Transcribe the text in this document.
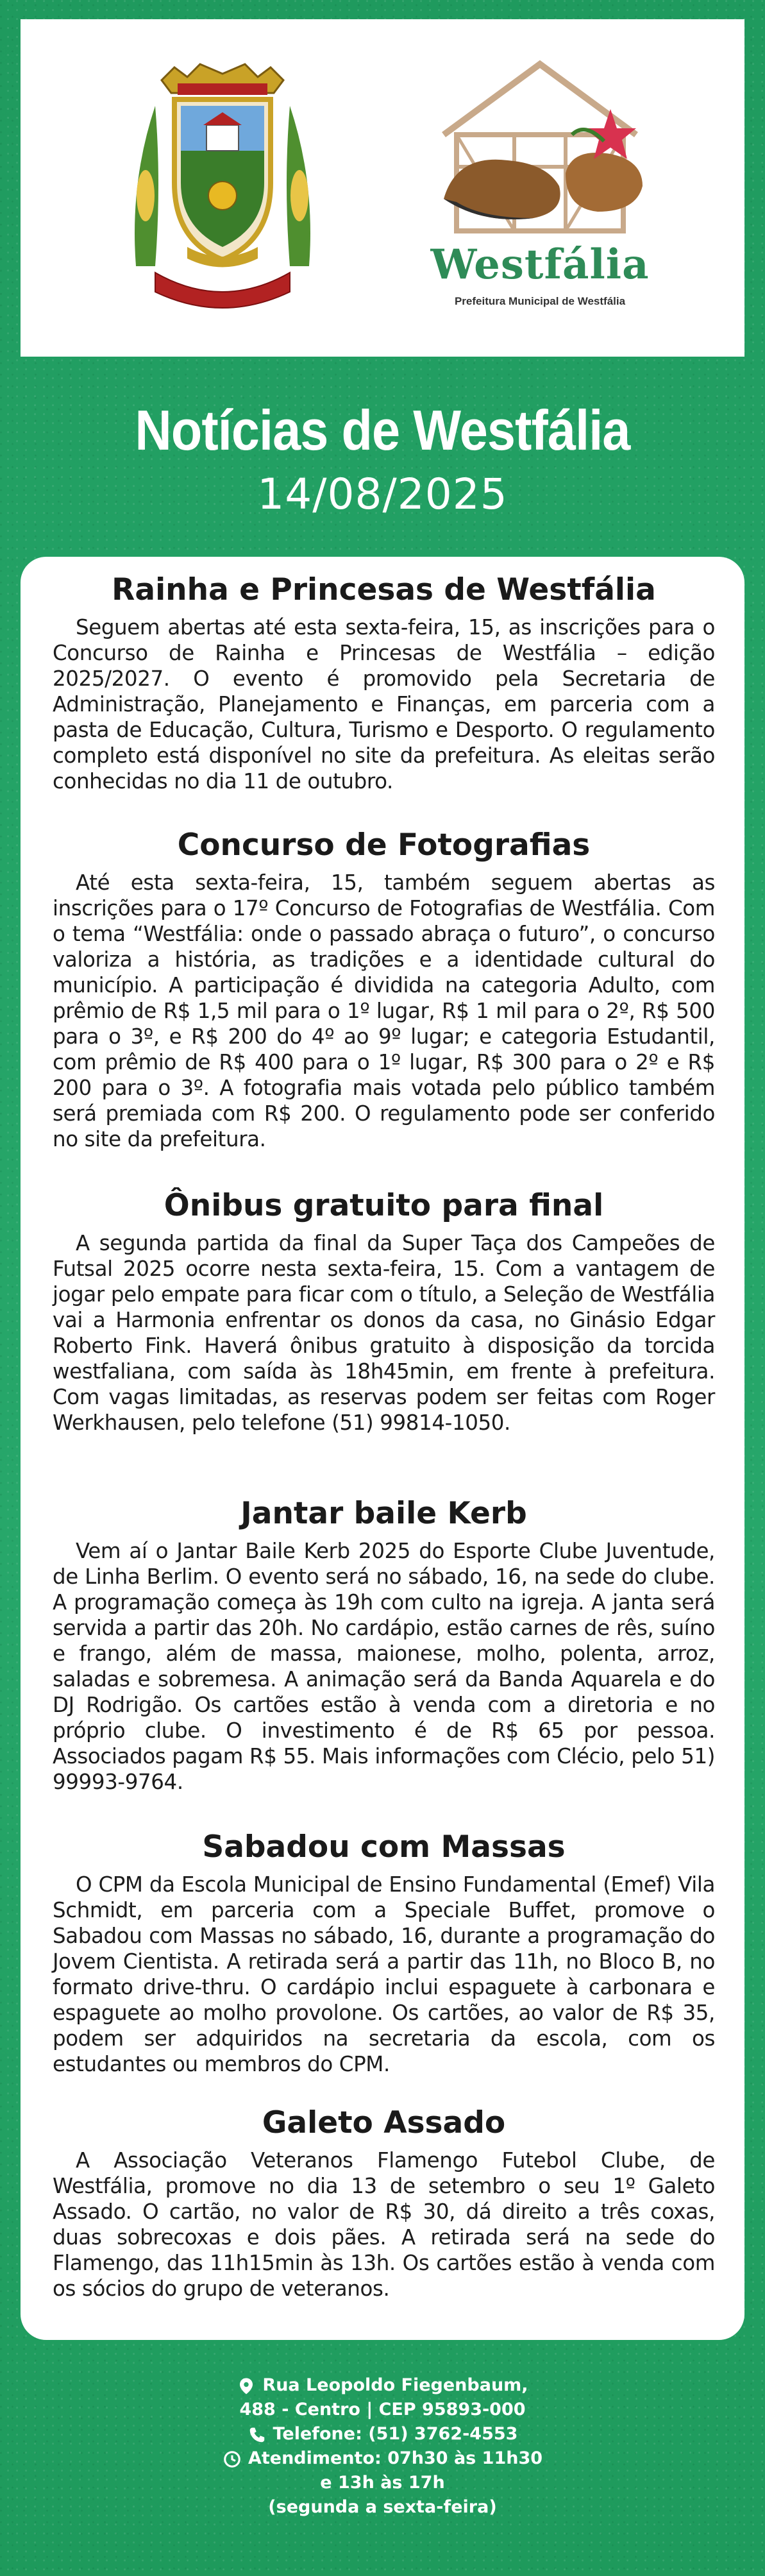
Westfália
Prefeitura Municipal de Westfália
Notícias de Westfália
14/08/2025
Rainha e Princesas de Westfália

Seguem abertas até esta sexta-feira, 15, as inscrições para o Concurso de Rainha e Princesas de Westfália – edição 2025/2027. O evento é promovido pela Secretaria de Administração, Planejamento e Finanças, em parceria com a pasta de Educação, Cultura, Turismo e Desporto. O regulamento completo está disponível no site da prefeitura. As eleitas serão conhecidas no dia 11 de outubro.

Concurso de Fotografias

Até esta sexta-feira, 15, também seguem abertas as inscrições para o 17º Concurso de Fotografias de Westfália. Com o tema “Westfália: onde o passado abraça o futuro”, o concurso valoriza a história, as tradições e a identidade cultural do município. A participação é dividida na categoria Adulto, com prêmio de R$ 1,5 mil para o 1º lugar, R$ 1 mil para o 2º, R$ 500 para o 3º, e R$ 200 do 4º ao 9º lugar; e categoria Estudantil, com prêmio de R$ 400 para o 1º lugar, R$ 300 para o 2º e R$ 200 para o 3º. A fotografia mais votada pelo público também será premiada com R$ 200. O regulamento pode ser conferido no site da prefeitura.

Ônibus gratuito para final

A segunda partida da final da Super Taça dos Campeões de Futsal 2025 ocorre nesta sexta-feira, 15. Com a vantagem de jogar pelo empate para ficar com o título, a Seleção de Westfália vai a Harmonia enfrentar os donos da casa, no Ginásio Edgar Roberto Fink. Haverá ônibus gratuito à disposição da torcida westfaliana, com saída às 18h45min, em frente à prefeitura. Com vagas limitadas, as reservas podem ser feitas com Roger Werkhausen, pelo telefone (51) 99814-1050.

Jantar baile Kerb

Vem aí o Jantar Baile Kerb 2025 do Esporte Clube Juventude, de Linha Berlim. O evento será no sábado, 16, na sede do clube. A programação começa às 19h com culto na igreja. A janta será servida a partir das 20h. No cardápio, estão carnes de rês, suíno e frango, além de massa, maionese, molho, polenta, arroz, saladas e sobremesa. A animação será da Banda Aquarela e do DJ Rodrigão. Os cartões estão à venda com a diretoria e no próprio clube. O investimento é de R$ 65 por pessoa. Associados pagam R$ 55. Mais informações com Clécio, pelo 51) 99993-9764.

Sabadou com Massas

O CPM da Escola Municipal de Ensino Fundamental (Emef) Vila Schmidt, em parceria com a Speciale Buffet, promove o Sabadou com Massas no sábado, 16, durante a programação do Jovem Cientista. A retirada será a partir das 11h, no Bloco B, no formato drive-thru. O cardápio inclui espaguete à carbonara e espaguete ao molho provolone. Os cartões, ao valor de R$ 35, podem ser adquiridos na secretaria da escola, com os estudantes ou membros do CPM.

Galeto Assado

A Associação Veteranos Flamengo Futebol Clube, de Westfália, promove no dia 13 de setembro o seu 1º Galeto Assado. O cartão, no valor de R$ 30, dá direito a três coxas, duas sobrecoxas e dois pães. A retirada será na sede do Flamengo, das 11h15min às 13h. Os cartões estão à venda com os sócios do grupo de veteranos.

Rua Leopoldo Fiegenbaum,
488 - Centro | CEP 95893-000
Telefone: (51) 3762-4553
Atendimento: 07h30 às 11h30
e 13h às 17h
(segunda a sexta-feira)
